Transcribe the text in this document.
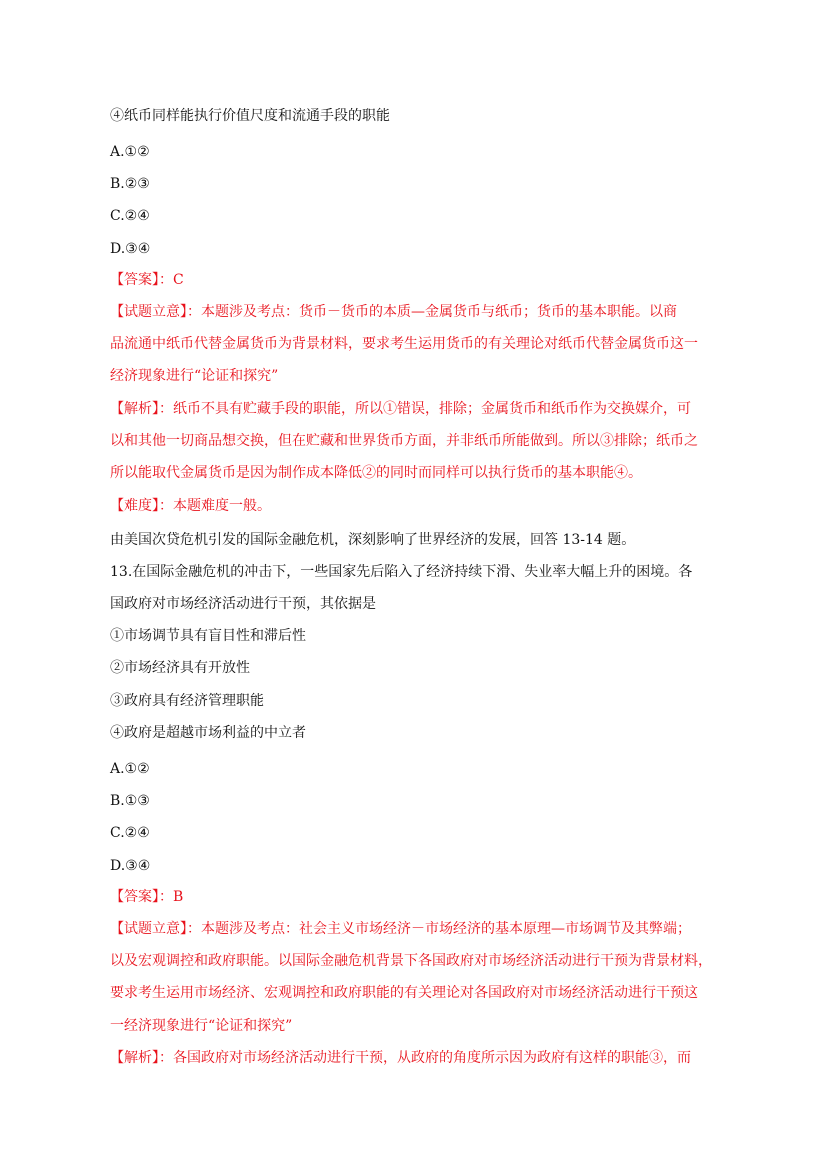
④纸币同样能执行价值尺度和流通手段的职能
A.①②
B.②③
C.②④
D.③④
【答案】：C
【试题立意】：本题涉及考点：货币－货币的本质—金属货币与纸币；货币的基本职能。以商
品流通中纸币代替金属货币为背景材料，要求考生运用货币的有关理论对纸币代替金属货币这一
经济现象进行“论证和探究”
【解析】：纸币不具有贮藏手段的职能，所以①错误，排除；金属货币和纸币作为交换媒介，可
以和其他一切商品想交换，但在贮藏和世界货币方面，并非纸币所能做到。所以③排除；纸币之
所以能取代金属货币是因为制作成本降低②的同时而同样可以执行货币的基本职能④。
【难度】：本题难度一般。
由美国次贷危机引发的国际金融危机，深刻影响了世界经济的发展，回答 13-14 题。
13.在国际金融危机的冲击下，一些国家先后陷入了经济持续下滑、失业率大幅上升的困境。各
国政府对市场经济活动进行干预，其依据是
①市场调节具有盲目性和滞后性
②市场经济具有开放性
③政府具有经济管理职能
④政府是超越市场利益的中立者
A.①②
B.①③
C.②④
D.③④
【答案】：B
【试题立意】：本题涉及考点：社会主义市场经济－市场经济的基本原理—市场调节及其弊端；
以及宏观调控和政府职能。以国际金融危机背景下各国政府对市场经济活动进行干预为背景材料，
要求考生运用市场经济、宏观调控和政府职能的有关理论对各国政府对市场经济活动进行干预这
一经济现象进行“论证和探究”
【解析】：各国政府对市场经济活动进行干预，从政府的角度所示因为政府有这样的职能③，而
